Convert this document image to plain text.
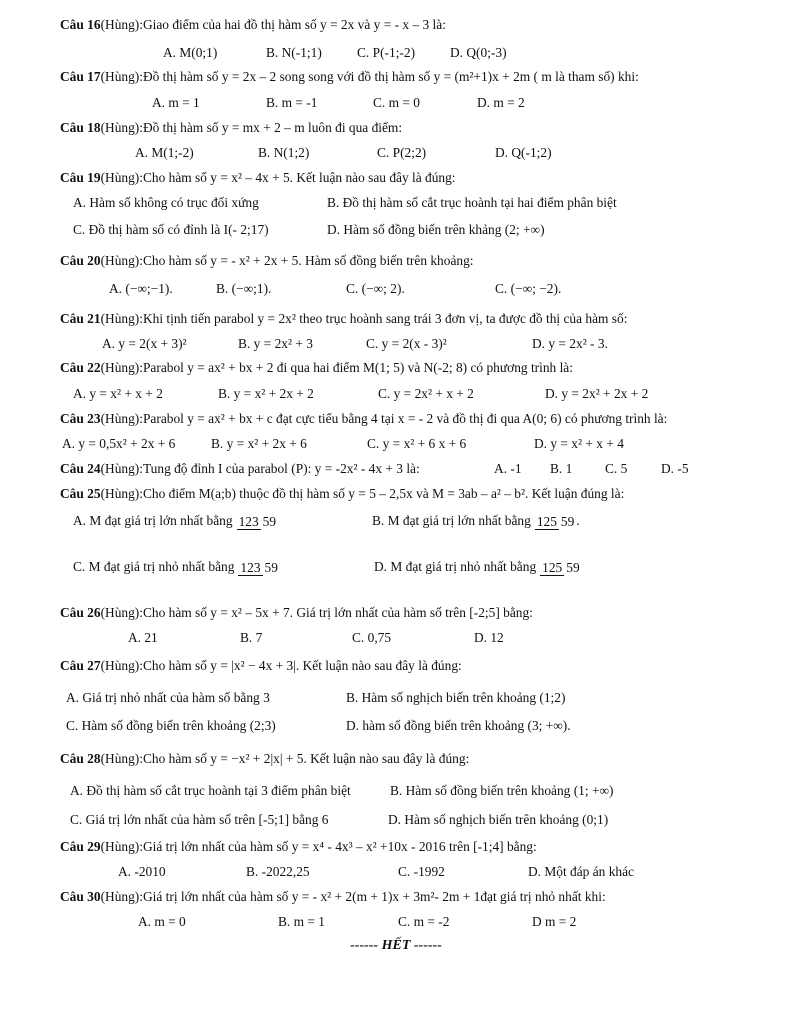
Câu 16(Hùng):Giao điểm của hai đồ thị hàm số y = 2x và y = - x – 3 là:
A. M(0;1)	B. N(-1;1)	C. P(-1;-2)	D. Q(0;-3)
Câu 17(Hùng):Đồ thị hàm số y = 2x – 2 song song với đồ thị hàm số y = (m²+1)x + 2m ( m là tham số) khi:
A. m = 1	B. m = -1	C. m = 0	D. m = 2
Câu 18(Hùng):Đồ thị hàm số y = mx + 2 – m luôn đi qua điểm:
A. M(1;-2)	B. N(1;2)	C. P(2;2)	D. Q(-1;2)
Câu 19(Hùng):Cho hàm số y = x² – 4x + 5. Kết luận nào sau đây là đúng:
A. Hàm số không có trục đối xứng	B. Đồ thị hàm số cắt trục hoành tại hai điểm phân biệt
C. Đồ thị hàm số có đỉnh là I(- 2;17)	D. Hàm số đồng biến trên khảng (2; +∞)
Câu 20(Hùng):Cho hàm số y = - x² + 2x + 5. Hàm số đồng biến trên khoảng:
A. (−∞;−1).	B. (−∞;1).	C. (−∞; 2).	C. (−∞; −2).
Câu 21(Hùng):Khi tịnh tiến parabol y = 2x² theo trục hoành sang trái 3 đơn vị, ta được đồ thị của hàm số:
A. y = 2(x + 3)²	B. y = 2x² + 3	C. y = 2(x - 3)²	D. y = 2x² - 3.
Câu 22(Hùng):Parabol y = ax² + bx + 2 đi qua hai điểm M(1; 5) và N(-2; 8) có phương trình là:
A. y = x² + x + 2	B. y = x² + 2x + 2	C. y = 2x² + x + 2	D. y = 2x² + 2x + 2
Câu 23(Hùng):Parabol y = ax² + bx + c đạt cực tiểu bằng 4 tại x = - 2 và đồ thị đi qua A(0; 6) có phương trình là:
A. y = 0,5x² + 2x + 6	B. y = x² + 2x + 6	C. y = x² + 6 x + 6	D. y = x² + x + 4
Câu 24(Hùng):Tung độ đỉnh I của parabol (P): y = -2x² - 4x + 3 là:	A. -1 B. 1 C. 5	D. -5
Câu 25(Hùng):Cho điểm M(a;b) thuộc đồ thị hàm số y = 5 – 2,5x và M = 3ab – a² – b². Kết luận đúng là:
A. M đạt giá trị lớn nhất bằng 123 59	B. M đạt giá trị lớn nhất bằng 125 59 .
C. M đạt giá trị nhỏ nhất bằng 123 59	D. M đạt giá trị nhỏ nhất bằng 125 59
Câu 26(Hùng):Cho hàm số y = x² – 5x + 7. Giá trị lớn nhất của hàm số trên [-2;5] bằng:
A. 21	B. 7	C. 0,75	D. 12
Câu 27(Hùng):Cho hàm số y = |x² − 4x + 3|. Kết luận nào sau đây là đúng:
A. Giá trị nhỏ nhất của hàm số bằng 3	B. Hàm số nghịch biến trên khoảng (1;2)
C. Hàm số đồng biến trên khoảng (2;3)	D. hàm số đồng biến trên khoảng (3; +∞).
Câu 28(Hùng):Cho hàm số y = −x² + 2|x| + 5. Kết luận nào sau đây là đúng:
A. Đồ thị hàm số cắt trục hoành tại 3 điểm phân biệt	B. Hàm số đồng biến trên khoảng (1; +∞)
C. Giá trị lớn nhất của hàm số trên [-5;1] bằng 6	D. Hàm số nghịch biến trên khoảng (0;1)
Câu 29(Hùng):Giá trị lớn nhất của hàm số y = x⁴ - 4x³ – x² +10x - 2016 trên [-1;4] bằng:
A. -2010	B. -2022,25	C. -1992	D. Một đáp án khác
Câu 30(Hùng):Giá trị lớn nhất của hàm số y = - x² + 2(m + 1)x + 3m²- 2m + 1đạt giá trị nhỏ nhất khi:
A. m = 0	B. m = 1	C. m = -2	D m = 2
------ HẾT ------
